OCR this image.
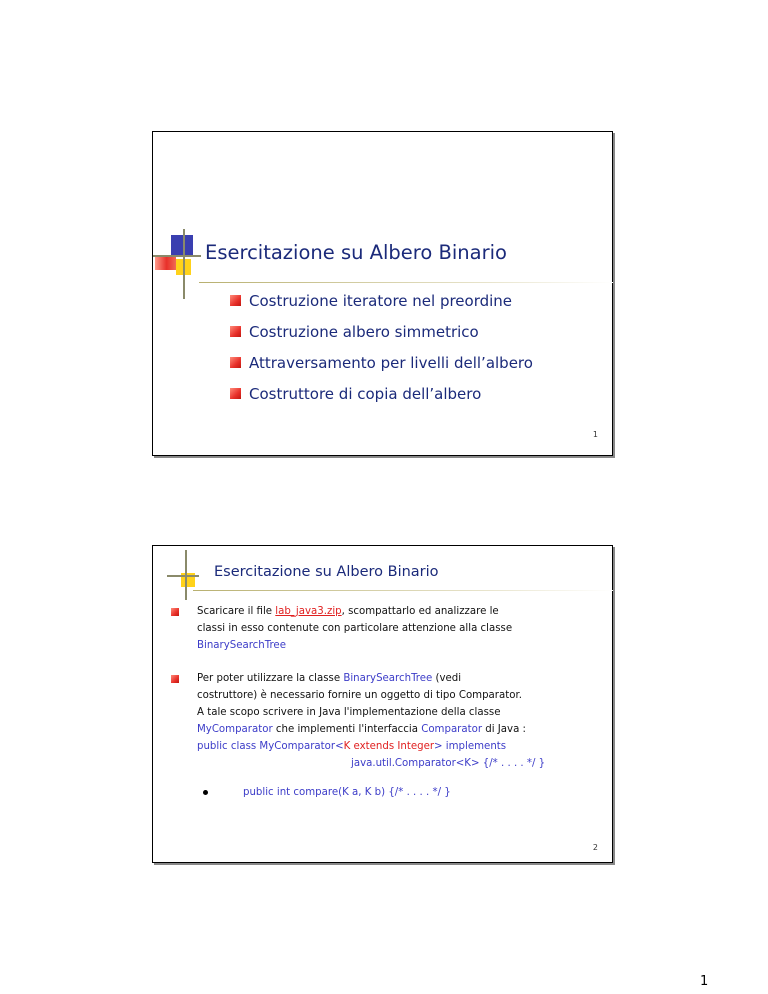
Esercitazione su Albero Binario
Costruzione iteratore nel preordine
Costruzione albero simmetrico
Attraversamento per livelli dell’albero
Costruttore di copia dell’albero
1
Esercitazione su Albero Binario
Scaricare il file lab_java3.zip, scompattarlo ed analizzare le
classi in esso contenute con particolare attenzione alla classe
BinarySearchTree
Per poter utilizzare la classe BinarySearchTree (vedi
costruttore) è necessario fornire un oggetto di tipo Comparator.
A tale scopo scrivere in Java l'implementazione della classe
MyComparator che implementi l'interfaccia Comparator di Java :
public class MyComparator<K extends Integer> implements
java.util.Comparator<K> {/* . . . . */ }
public int compare(K a, K b) {/* . . . . */ }
2
1
